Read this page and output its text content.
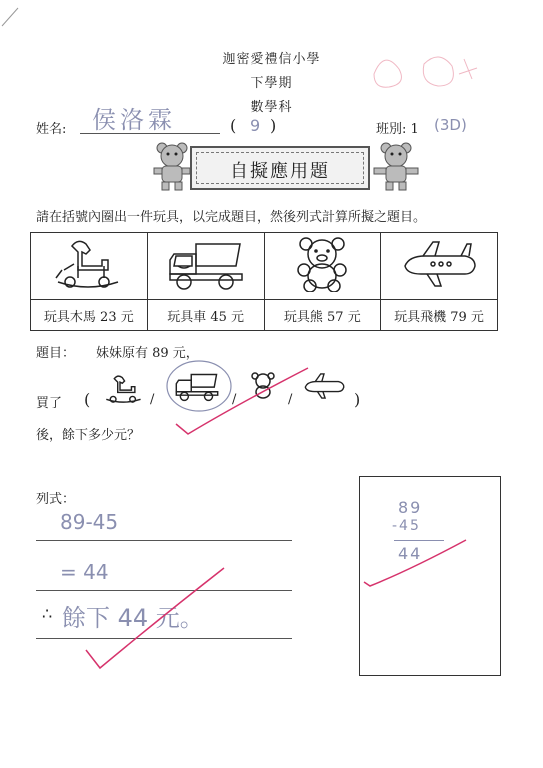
迦密愛禮信小學
下學期
數學科
姓名: 侯洛霖	( 9 )	班別: 1 (3D)
自擬應用題
請在括號內圈出一件玩具，以完成題目，然後列式計算所擬之題目。

玩具木馬 23 元	玩具車 45 元	玩具熊 57 元	玩具飛機 79 元
題目： 妹妹原有 89 元，
買了 (	/	/	/	)
後，餘下多少元？
列式：
89-45
= 44
∴ 餘下 44 元。
89
-45
44
